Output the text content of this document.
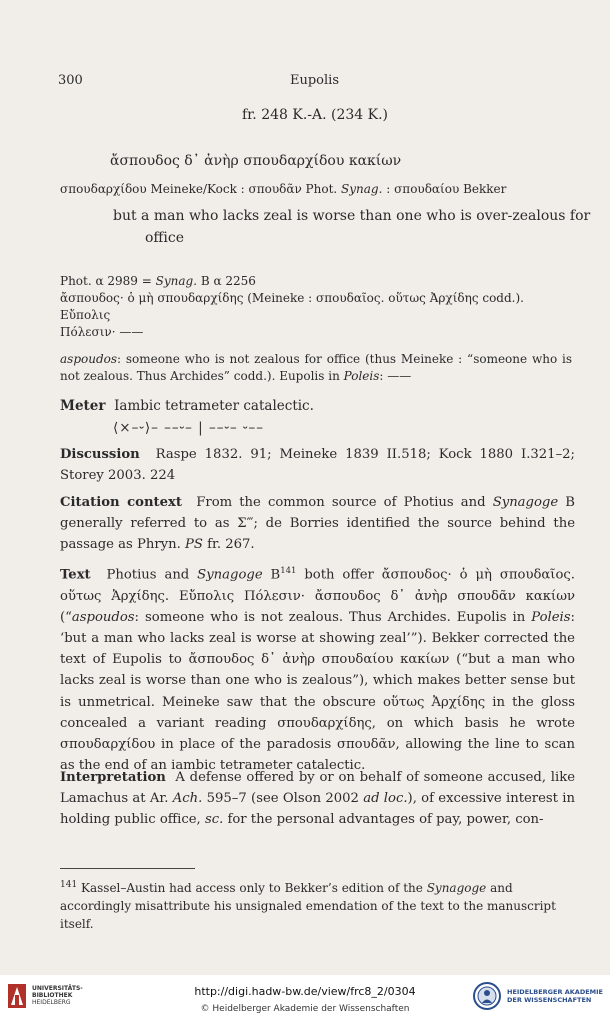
300	Eupolis
fr. 248 K.-A. (234 K.)
ἄσπουδος δ᾽ ἀνὴρ σπουδαρχίδου κακίων
σπουδαρχίδου Meineke/Kock : σπουδᾶν Phot. Synag. : σπουδαίου Bekker
but a man who lacks zeal is worse than one who is over-zealous for
office
Phot. α 2989 = Synag. B α 2256
ἄσπουδος· ὁ μὴ σπουδαρχίδης (Meineke : σπουδαῖος. οὕτως Ἀρχίδης codd.). Εὔπολις
Πόλεσιν· ——
aspoudos: someone who is not zealous for office (thus Meineke : “someone who is not zealous. Thus Archides” codd.). Eupolis in Poleis: ——
Meter Iambic tetrameter catalectic.
⟨×–⏑⟩– ––⏑– | ––⏑– ⏑––
Discussion Raspe 1832. 91; Meineke 1839 II.518; Kock 1880 I.321–2; Storey 2003. 224
Citation context From the common source of Photius and Synagoge B generally referred to as Σ‴; de Borries identified the source behind the passage as Phryn. PS fr. 267.
Text Photius and Synagoge $B^{141}$ both offer ἄσπουδος· ὁ μὴ σπουδαῖος. οὕτως Ἀρχίδης. Εὔπολις Πόλεσιν· ἄσπουδος δ᾽ ἀνὴρ σπουδᾶν κακίων (“aspoudos: someone who is not zealous. Thus Archides. Eupolis in Poleis: ‘but a man who lacks zeal is worse at showing zeal’”). Bekker corrected the text of Eupolis to ἄσπουδος δ᾽ ἀνὴρ σπουδαίου κακίων (“but a man who lacks zeal is worse than one who is zealous”), which makes better sense but is unmetrical. Meineke saw that the obscure οὕτως Ἀρχίδης in the gloss concealed a variant reading σπουδαρχίδης, on which basis he wrote σπουδαρχίδου in place of the paradosis σπουδᾶν, allowing the line to scan as the end of an iambic tetrameter catalectic.
Interpretation A defense offered by or on behalf of someone accused, like Lamachus at Ar. Ach. 595–7 (see Olson 2002 ad loc.), of excessive interest in holding public office, sc. for the personal advantages of pay, power, con-
$^{141}$ Kassel–Austin had access only to Bekker’s edition of the Synagoge and accordingly misattribute his unsignaled emendation of the text to the manuscript itself.
UNIVERSITÄTS-
BIBLIOTHEK
HEIDELBERG
http://digi.hadw-bw.de/view/frc8_2/0304
© Heidelberger Akademie der Wissenschaften
HEIDELBERGER AKADEMIE
DER WISSENSCHAFTEN
